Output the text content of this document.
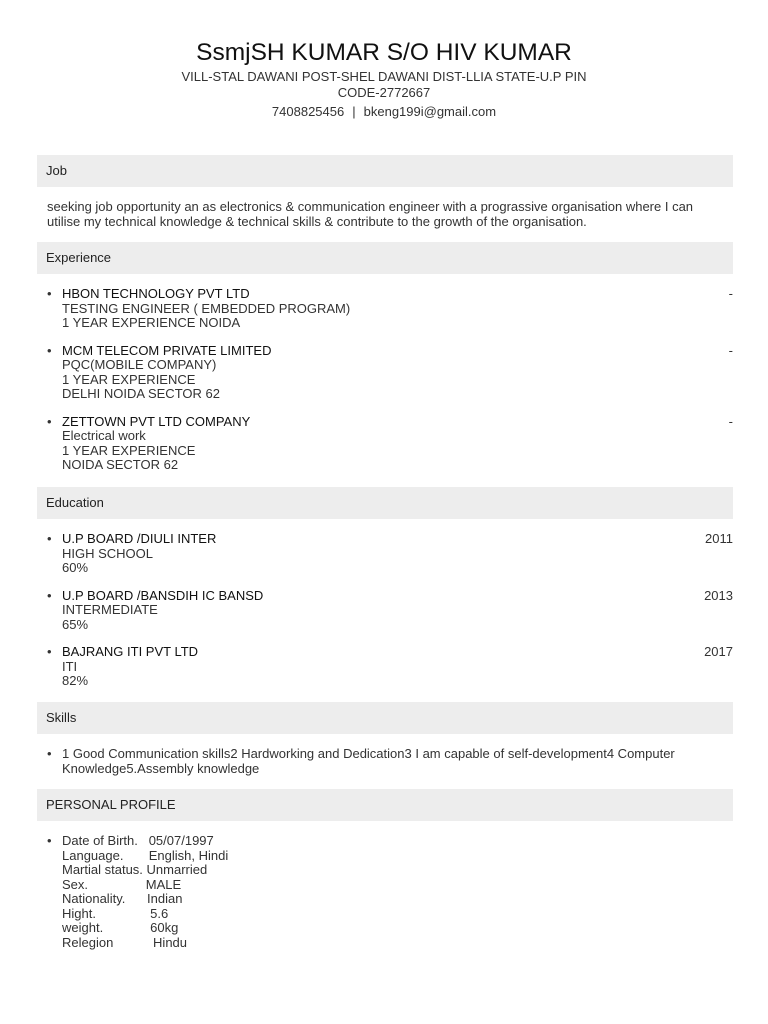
SsmjSH KUMAR S/O HIV KUMAR
VILL-STAL DAWANI POST-SHEL DAWANI DIST-LLIA STATE-U.P PIN CODE-2772667
7408825456 | bkeng199i@gmail.com
Job
seeking job opportunity an as electronics & communication engineer with a prograssive organisation where I can utilise my technical knowledge & technical skills & contribute to the growth of the organisation.
Experience
• HBON TECHNOLOGY PVT LTD	-
TESTING ENGINEER ( EMBEDDED PROGRAM)
1 YEAR EXPERIENCE NOIDA
• MCM TELECOM PRIVATE LIMITED	-
PQC(MOBILE COMPANY)
1 YEAR EXPERIENCE
DELHI NOIDA SECTOR 62
• ZETTOWN PVT LTD COMPANY	-
Electrical work
1 YEAR EXPERIENCE
NOIDA SECTOR 62
Education
• U.P BOARD /DIULI INTER	2011
HIGH SCHOOL
60%
• U.P BOARD /BANSDIH IC BANSD	2013
INTERMEDIATE
65%
• BAJRANG ITI PVT LTD	2017
ITI
82%
Skills
• 1 Good Communication skills2 Hardworking and Dedication3 I am capable of self-development4 Computer Knowledge5.Assembly knowledge
PERSONAL PROFILE
• Date of Birth.   05/07/1997
Language.       English, Hindi
Martial status. Unmarried
Sex.                MALE
Nationality.      Indian
Hight.               5.6
weight.             60kg
Relegion           Hindu
